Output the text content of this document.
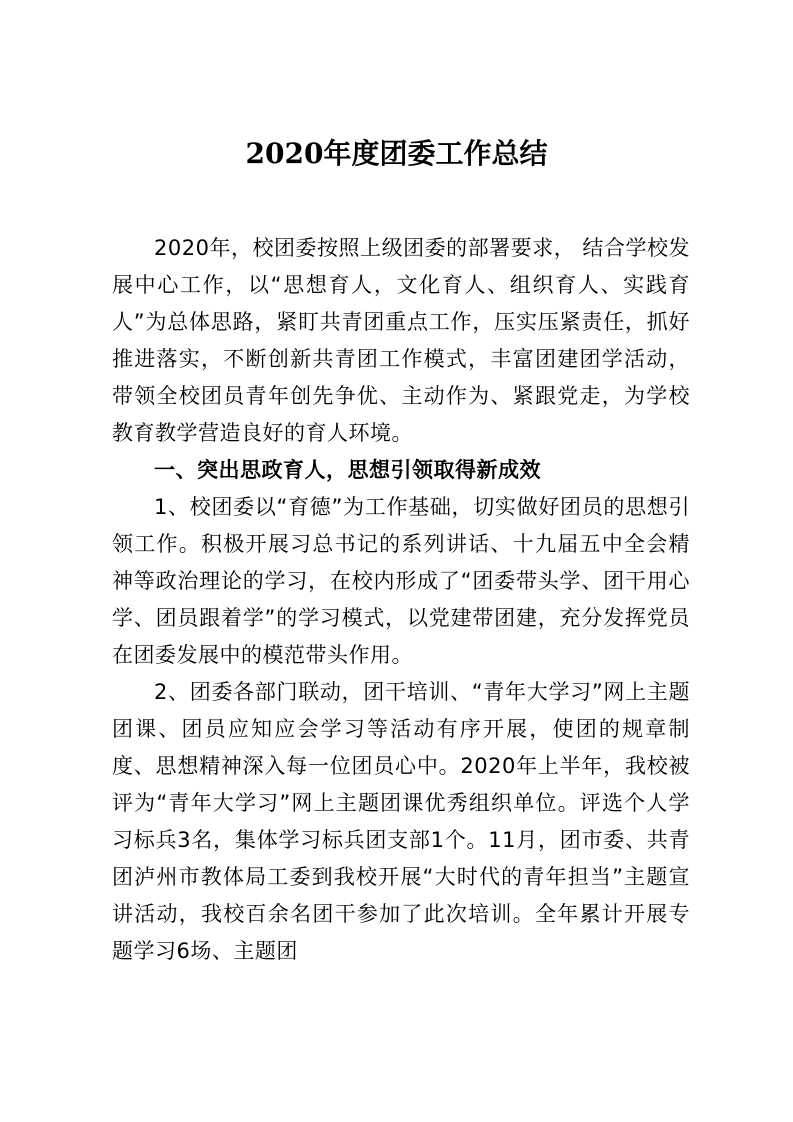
2020年度团委工作总结

2020年，校团委按照上级团委的部署要求， 结合学校发展中心工作，以“思想育人，文化育人、组织育人、实践育人”为总体思路，紧盯共青团重点工作，压实压紧责任，抓好推进落实，不断创新共青团工作模式，丰富团建团学活动，带领全校团员青年创先争优、主动作为、紧跟党走，为学校教育教学营造良好的育人环境。

一、突出思政育人，思想引领取得新成效

1、校团委以“育德”为工作基础，切实做好团员的思想引领工作。积极开展习总书记的系列讲话、十九届五中全会精神等政治理论的学习，在校内形成了“团委带头学、团干用心学、团员跟着学”的学习模式，以党建带团建，充分发挥党员在团委发展中的模范带头作用。

2、团委各部门联动，团干培训、“青年大学习”网上主题团课、团员应知应会学习等活动有序开展，使团的规章制度、思想精神深入每一位团员心中。2020年上半年，我校被评为“青年大学习”网上主题团课优秀组织单位。评选个人学习标兵3名，集体学习标兵团支部1个。11月，团市委、共青团泸州市教体局工委到我校开展“大时代的青年担当”主题宣讲活动，我校百余名团干参加了此次培训。全年累计开展专题学习6场、主题团
